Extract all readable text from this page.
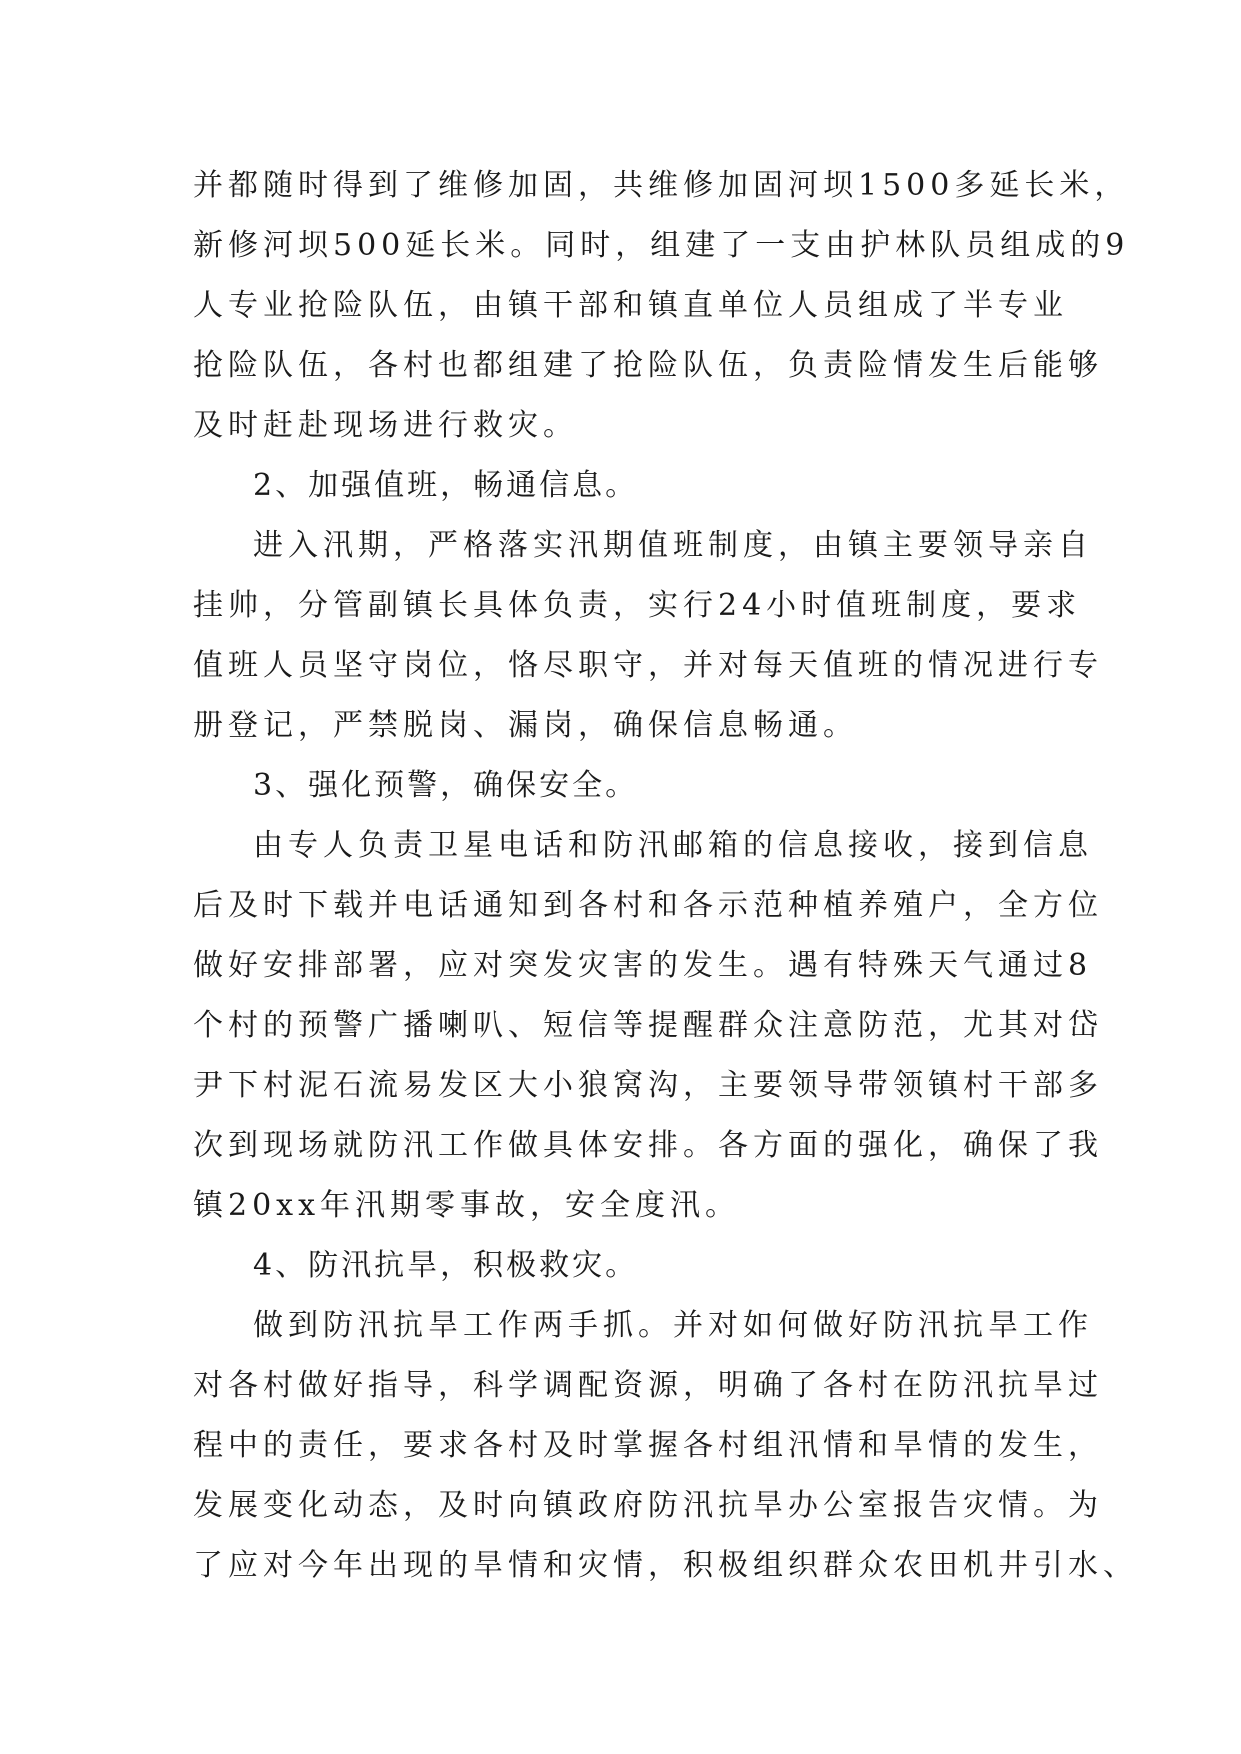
并都随时得到了维修加固，共维修加固河坝1500多延长米，
新修河坝500延长米。同时，组建了一支由护林队员组成的9
人专业抢险队伍，由镇干部和镇直单位人员组成了半专业
抢险队伍，各村也都组建了抢险队伍，负责险情发生后能够
及时赶赴现场进行救灾。
2、加强值班，畅通信息。
进入汛期，严格落实汛期值班制度，由镇主要领导亲自
挂帅，分管副镇长具体负责，实行24小时值班制度，要求
值班人员坚守岗位，恪尽职守，并对每天值班的情况进行专
册登记，严禁脱岗、漏岗，确保信息畅通。
3、强化预警，确保安全。
由专人负责卫星电话和防汛邮箱的信息接收，接到信息
后及时下载并电话通知到各村和各示范种植养殖户，全方位
做好安排部署，应对突发灾害的发生。遇有特殊天气通过8
个村的预警广播喇叭、短信等提醒群众注意防范，尤其对岱
尹下村泥石流易发区大小狼窝沟，主要领导带领镇村干部多
次到现场就防汛工作做具体安排。各方面的强化，确保了我
镇20xx年汛期零事故，安全度汛。
4、防汛抗旱，积极救灾。
做到防汛抗旱工作两手抓。并对如何做好防汛抗旱工作
对各村做好指导，科学调配资源，明确了各村在防汛抗旱过
程中的责任，要求各村及时掌握各村组汛情和旱情的发生，
发展变化动态，及时向镇政府防汛抗旱办公室报告灾情。为
了应对今年出现的旱情和灾情，积极组织群众农田机井引水、
